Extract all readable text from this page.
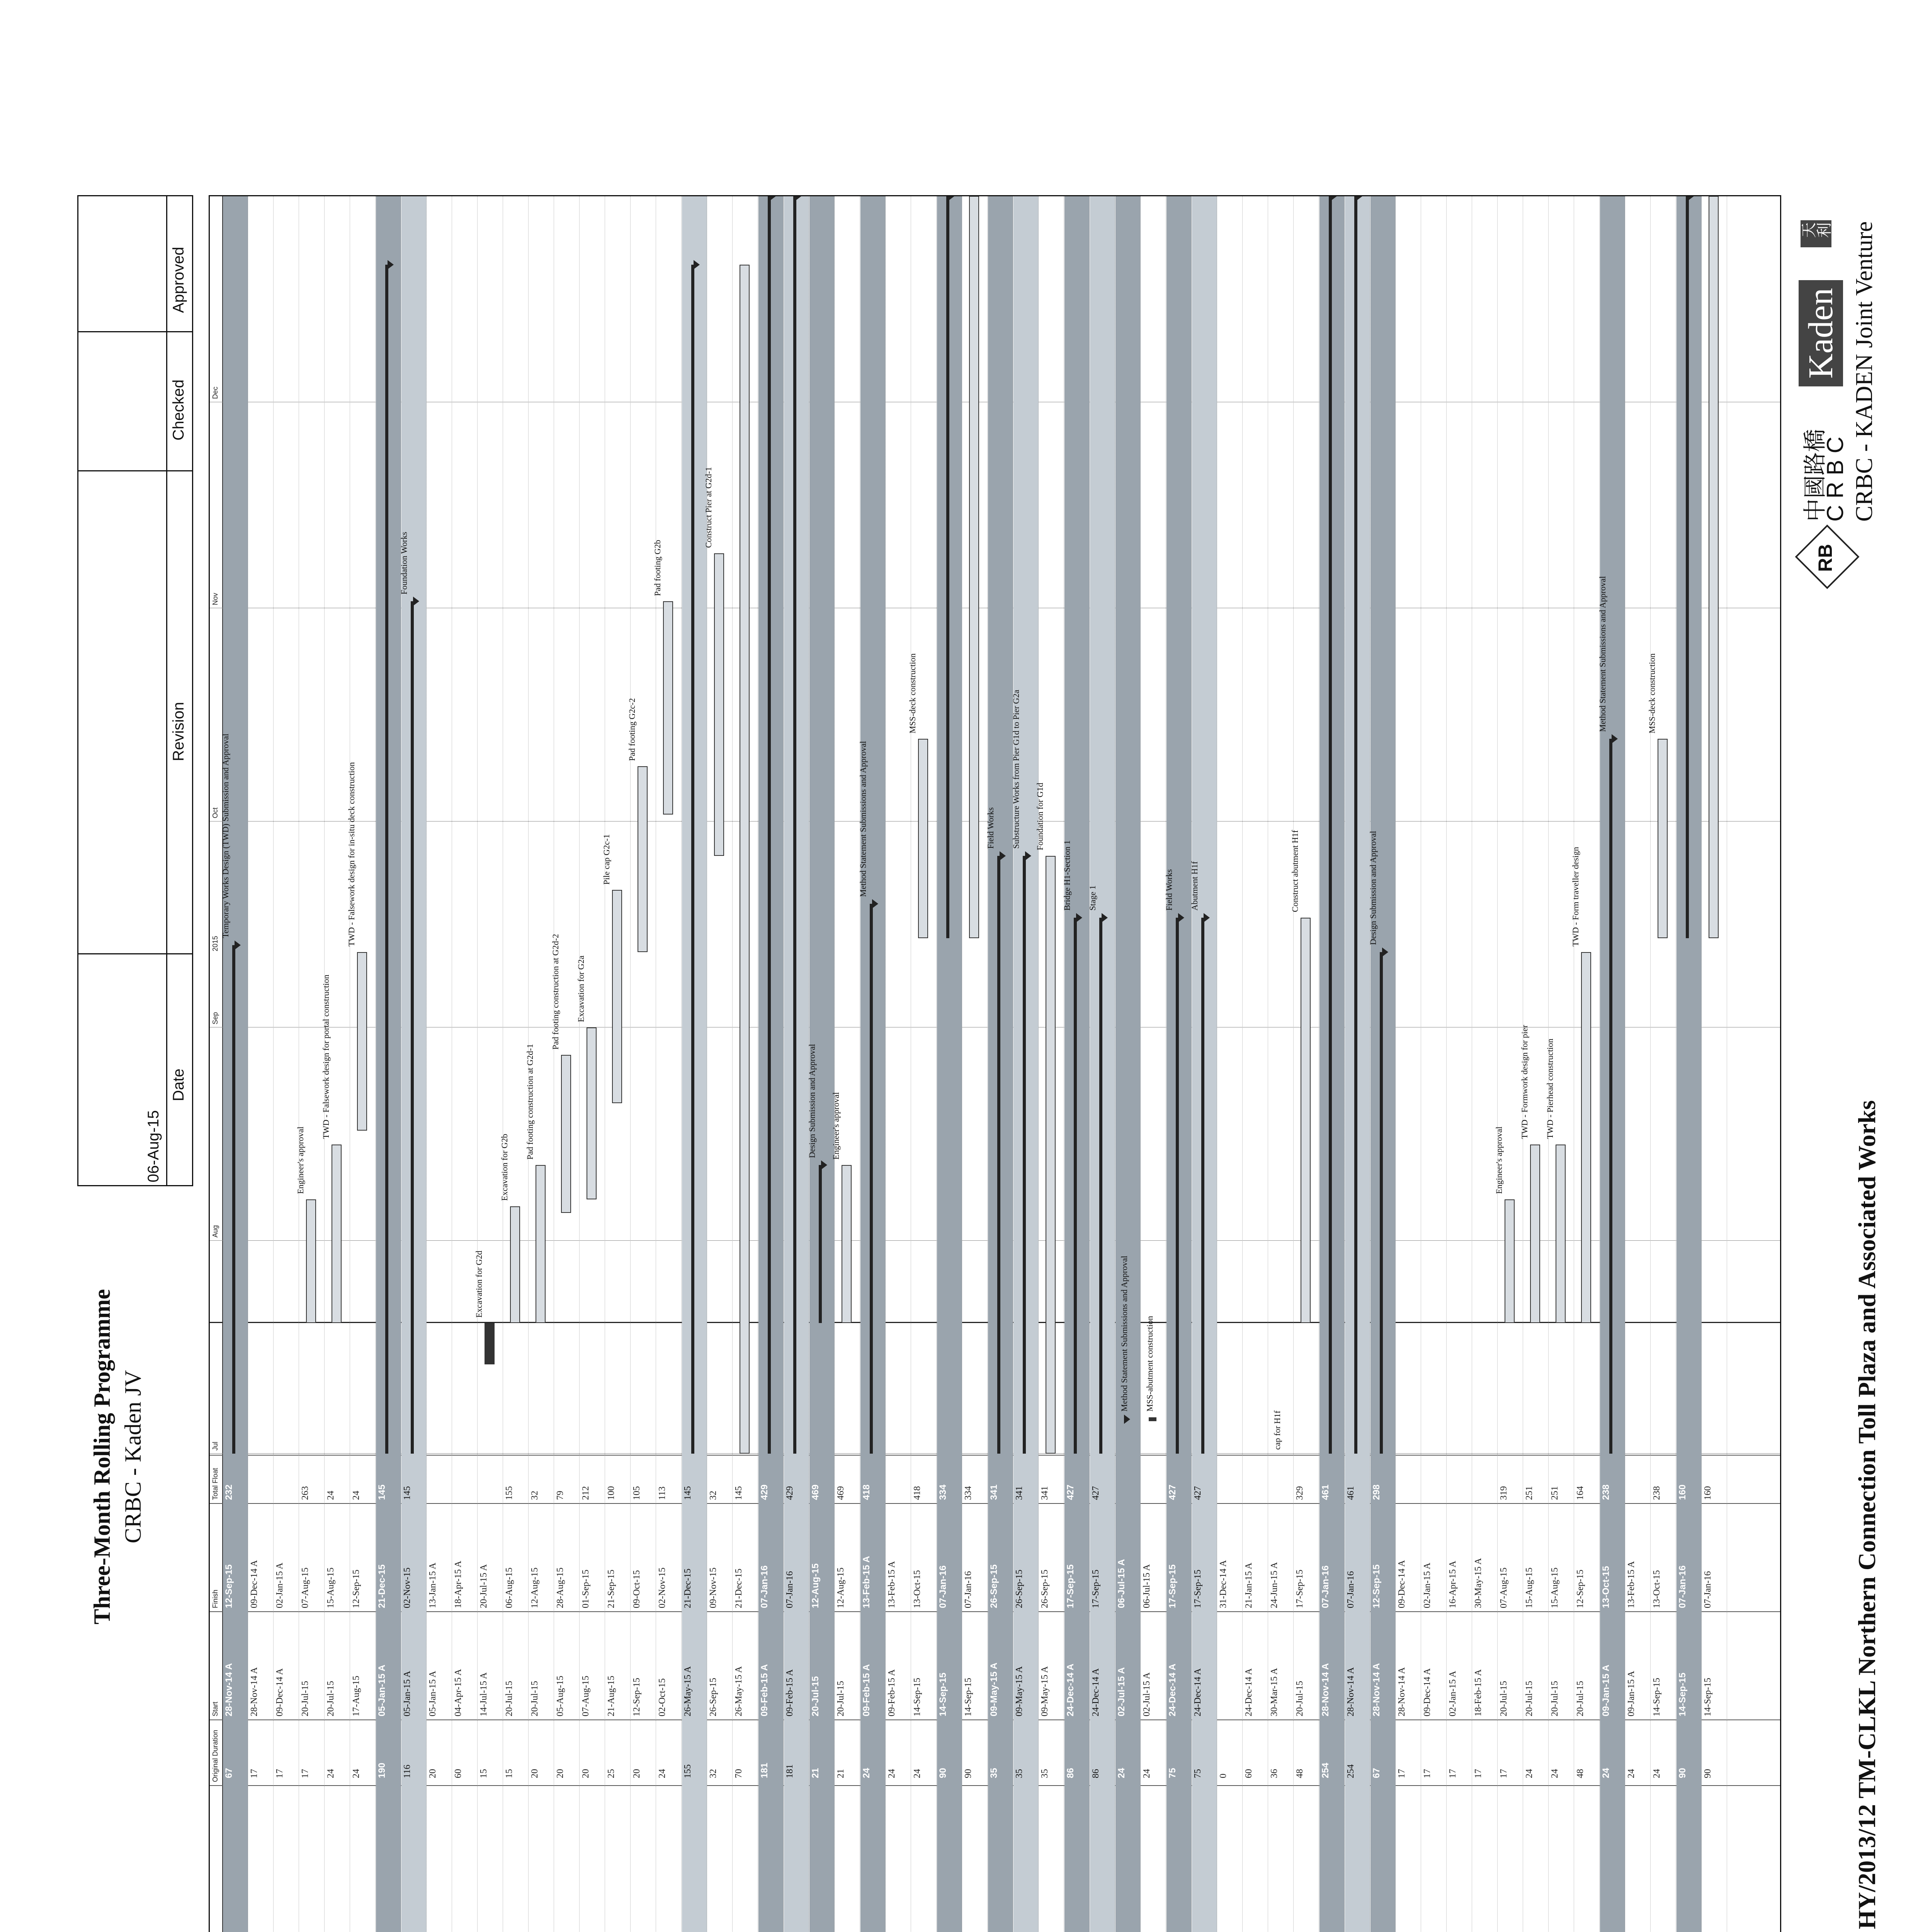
HY/2013/12 TM-CLKL Northern Connection Toll Plaza and Associated Works
RB
中國路橋
C R B C
Kaden
天利 CRBC - KADEN Joint Venture
Original Duration
Start
Finish
Total Float
2015
Jul
Aug
Sep
Oct
Nov
Dec
67
28-Nov-14 A
12-Sep-15
232
Temporary Works Design (TWD) Submission and Approval
17
28-Nov-14 A
09-Dec-14 A
17
09-Dec-14 A
02-Jan-15 A
17
20-Jul-15
07-Aug-15
263
Engineer's approval
24
20-Jul-15
15-Aug-15
24
TWD - Falsework design for portal construction
24
17-Aug-15
12-Sep-15
24
TWD - Falsework design for in-situ deck construction
190
05-Jan-15 A
21-Dec-15
145
116
05-Jan-15 A
02-Nov-15
145
Foundation Works
20
05-Jan-15 A
13-Jan-15 A
60
04-Apr-15 A
18-Apr-15 A
15
14-Jul-15 A
20-Jul-15 A
Excavation for G2d
15
20-Jul-15
06-Aug-15
155
Excavation for G2b
20
20-Jul-15
12-Aug-15
32
Pad footing construction at G2d-1
20
05-Aug-15
28-Aug-15
79
Pad footing construction at G2d-2
20
07-Aug-15
01-Sep-15
212
Excavation for G2a
25
21-Aug-15
21-Sep-15
100
Pile cap G2c-1
20
12-Sep-15
09-Oct-15
105
Pad footing G2c-2
24
02-Oct-15
02-Nov-15
113
Pad footing G2b
155
26-May-15 A
21-Dec-15
145
32
26-Sep-15
09-Nov-15
32
Construct Pier at G2d-1
70
26-May-15 A
21-Dec-15
145
181
09-Feb-15 A
07-Jan-16
429
181
09-Feb-15 A
07-Jan-16
429
21
20-Jul-15
12-Aug-15
469
Design Submission and Approval
21
20-Jul-15
12-Aug-15
469
Engineer's approval
24
09-Feb-15 A
13-Feb-15 A
418
Method Statement Submissions and Approval
24
09-Feb-15 A
13-Feb-15 A
24
14-Sep-15
13-Oct-15
418
MSS-deck construction
90
14-Sep-15
07-Jan-16
334
90
14-Sep-15
07-Jan-16
334
35
09-May-15 A
26-Sep-15
341
Field Works
35
09-May-15 A
26-Sep-15
341
Substructure Works from Pier G1d to Pier G2a
35
09-May-15 A
26-Sep-15
341
Foundation for G1d
86
24-Dec-14 A
17-Sep-15
427
Bridge H1-Section 1
86
24-Dec-14 A
17-Sep-15
427
Stage 1
24
02-Jul-15 A
06-Jul-15 A
Method Statement Submissions and Approval
24
02-Jul-15 A
06-Jul-15 A
MSS-abutment construction
75
24-Dec-14 A
17-Sep-15
427
Field Works
75
24-Dec-14 A
17-Sep-15
427
Abutment H1f
0
31-Dec-14 A
60
24-Dec-14 A
21-Jan-15 A
36
30-Mar-15 A
24-Jun-15 A
cap for H1f
48
20-Jul-15
17-Sep-15
329
Construct abutment H1f
254
28-Nov-14 A
07-Jan-16
461
254
28-Nov-14 A
07-Jan-16
461
67
28-Nov-14 A
12-Sep-15
298
Design Submission and Approval
17
28-Nov-14 A
09-Dec-14 A
17
09-Dec-14 A
02-Jan-15 A
17
02-Jan-15 A
16-Apr-15 A
17
18-Feb-15 A
30-May-15 A
17
20-Jul-15
07-Aug-15
319
Engineer's approval
24
20-Jul-15
15-Aug-15
251
TWD - Formwork design for pier
24
20-Jul-15
15-Aug-15
251
TWD - Pierhead construction
48
20-Jul-15
12-Sep-15
164
TWD - Form traveller design
24
09-Jan-15 A
13-Oct-15
238
Method Statement Submissions and Approval
24
09-Jan-15 A
13-Feb-15 A
24
14-Sep-15
13-Oct-15
238
MSS-deck construction
90
14-Sep-15
07-Jan-16
160
90
14-Sep-15
07-Jan-16
160
CRBC - Kaden JV
Three-Month Rolling Programme
Date
06-Aug-15
Revision
Checked
Approved
